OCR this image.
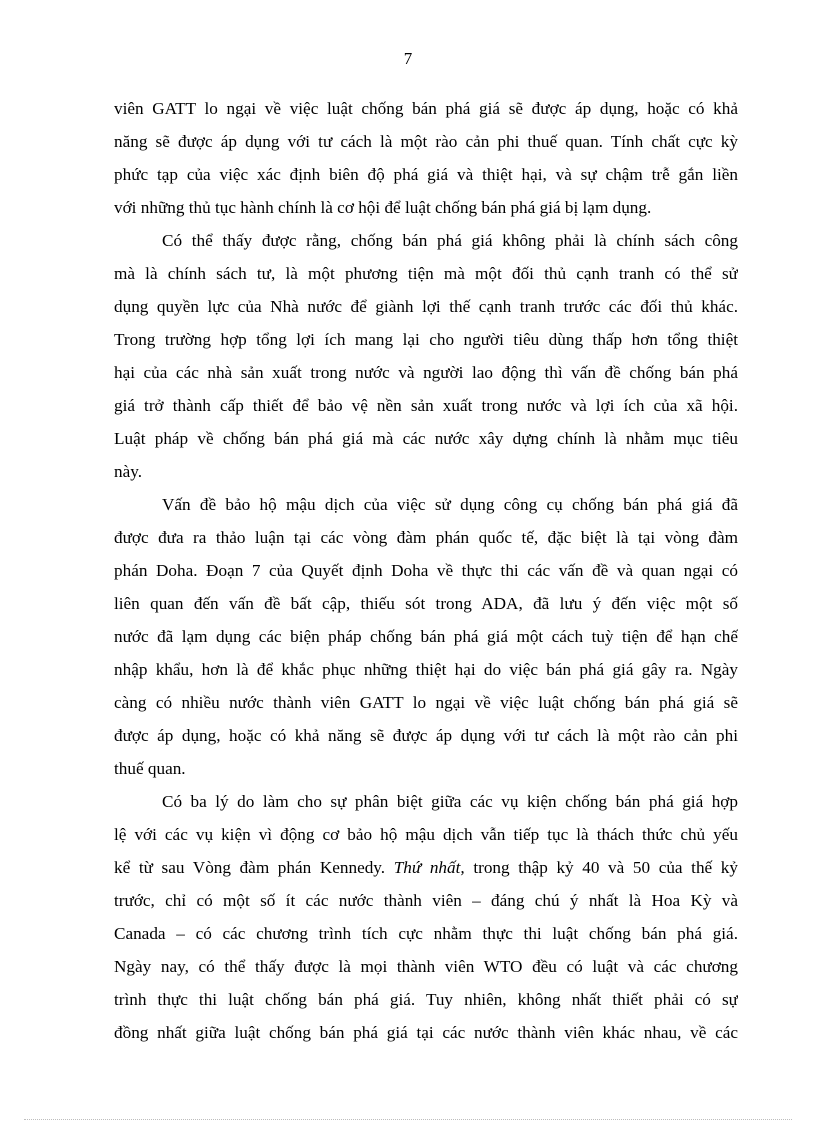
7
viên GATT lo ngại về việc luật chống bán phá giá sẽ được áp dụng, hoặc có khả
năng sẽ được áp dụng với tư cách là một rào cản phi thuế quan. Tính chất cực kỳ
phức tạp của việc xác định biên độ phá giá và thiệt hại, và sự chậm trễ gắn liền
với những thủ tục hành chính là cơ hội để luật chống bán phá giá bị lạm dụng.
Có thể thấy được rằng, chống bán phá giá không phải là chính sách công
mà là chính sách tư, là một phương tiện mà một đối thủ cạnh tranh có thể sử
dụng quyền lực của Nhà nước để giành lợi thế cạnh tranh trước các đối thủ khác.
Trong trường hợp tổng lợi ích mang lại cho người tiêu dùng thấp hơn tổng thiệt
hại của các nhà sản xuất trong nước và người lao động thì vấn đề chống bán phá
giá trở thành cấp thiết để bảo vệ nền sản xuất trong nước và lợi ích của xã hội.
Luật pháp về chống bán phá giá mà các nước xây dựng chính là nhằm mục tiêu
này.
Vấn đề bảo hộ mậu dịch của việc sử dụng công cụ chống bán phá giá đã
được đưa ra thảo luận tại các vòng đàm phán quốc tế, đặc biệt là tại vòng đàm
phán Doha. Đoạn 7 của Quyết định Doha về thực thi các vấn đề và quan ngại có
liên quan đến vấn đề bất cập, thiếu sót trong ADA, đã lưu ý đến việc một số
nước đã lạm dụng các biện pháp chống bán phá giá một cách tuỳ tiện để hạn chế
nhập khẩu, hơn là để khắc phục những thiệt hại do việc bán phá giá gây ra. Ngày
càng có nhiều nước thành viên GATT lo ngại về việc luật chống bán phá giá sẽ
được áp dụng, hoặc có khả năng sẽ được áp dụng với tư cách là một rào cản phi
thuế quan.
Có ba lý do làm cho sự phân biệt giữa các vụ kiện chống bán phá giá hợp
lệ với các vụ kiện vì động cơ bảo hộ mậu dịch vẫn tiếp tục là thách thức chủ yếu
kể từ sau Vòng đàm phán Kennedy. Thứ nhất, trong thập kỷ 40 và 50 của thế kỷ
trước, chỉ có một số ít các nước thành viên – đáng chú ý nhất là Hoa Kỳ và
Canada – có các chương trình tích cực nhằm thực thi luật chống bán phá giá.
Ngày nay, có thể thấy được là mọi thành viên WTO đều có luật và các chương
trình thực thi luật chống bán phá giá. Tuy nhiên, không nhất thiết phải có sự
đồng nhất giữa luật chống bán phá giá tại các nước thành viên khác nhau, về các
